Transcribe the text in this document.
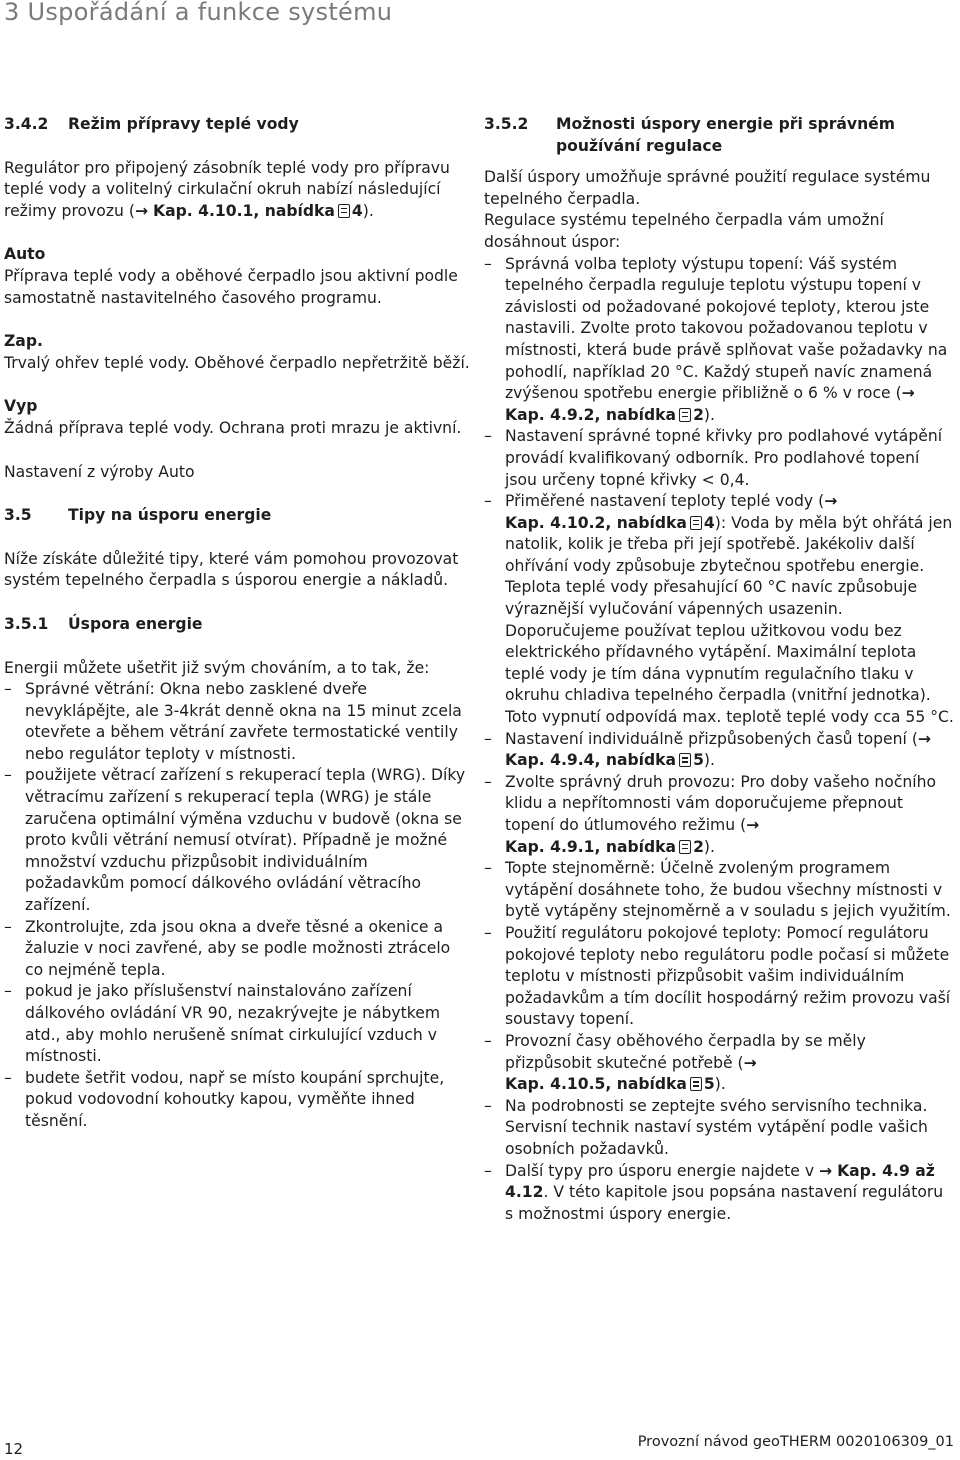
3 Uspořádání a funkce systému
3.4.2	Režim přípravy teplé vody

Regulátor pro připojený zásobník teplé vody pro přípravu teplé vody a volitelný cirkulační okruh nabízí následující režimy provozu (→ Kap. 4.10.1, nabídka 4).

Auto

Příprava teplé vody a oběhové čerpadlo jsou aktivní podle samostatně nastavitelného časového programu.

Zap.

Trvalý ohřev teplé vody. Oběhové čerpadlo nepřetržitě běží.

Vyp

Žádná příprava teplé vody. Ochrana proti mrazu je aktivní.

Nastavení z výroby Auto

3.5	Tipy na úsporu energie

Níže získáte důležité tipy, které vám pomohou provozovat systém tepelného čerpadla s úsporou energie a nákladů.

3.5.1	Úspora energie

Energii můžete ušetřit již svým chováním, a to tak, že:

– Správné větrání: Okna nebo zasklené dveře nevyklápějte, ale 3-4krát denně okna na 15 minut zcela otevřete a během větrání zavřete termostatické ventily nebo regulátor teploty v místnosti.
– použijete větrací zařízení s rekuperací tepla (WRG). Díky větracímu zařízení s rekuperací tepla (WRG) je stále zaručena optimální výměna vzduchu v budově (okna se proto kvůli větrání nemusí otvírat). Případně je možné množství vzduchu přizpůsobit individuálním požadavkům pomocí dálkového ovládání větracího zařízení.
– Zkontrolujte, zda jsou okna a dveře těsné a okenice a žaluzie v noci zavřené, aby se podle možnosti ztrácelo co nejméně tepla.
– pokud je jako příslušenství nainstalováno zařízení dálkového ovládání VR 90, nezakrývejte je nábytkem atd., aby mohlo nerušeně snímat cirkulující vzduch v místnosti.
– budete šetřit vodou, např se místo koupání sprchujte, pokud vodovodní kohoutky kapou, vyměňte ihned těsnění.
3.5.2	Možnosti úspory energie při správném používání regulace

Další úspory umožňuje správné použití regulace systému tepelného čerpadla.

Regulace systému tepelného čerpadla vám umožní dosáhnout úspor:

– Správná volba teploty výstupu topení: Váš systém tepelného čerpadla reguluje teplotu výstupu topení v závislosti od požadované pokojové teploty, kterou jste nastavili. Zvolte proto takovou požadovanou teplotu v místnosti, která bude právě splňovat vaše požadavky na pohodlí, například 20 °C. Každý stupeň navíc znamená zvýšenou spotřebu energie přibližně o 6 % v roce (→ Kap. 4.9.2, nabídka 2).
– Nastavení správné topné křivky pro podlahové vytápění provádí kvalifikovaný odborník. Pro podlahové topení jsou určeny topné křivky < 0,4.
– Přiměřené nastavení teploty teplé vody (→ Kap. 4.10.2, nabídka 4): Voda by měla být ohřátá jen natolik, kolik je třeba při její spotřebě. Jakékoliv další ohřívání vody způsobuje zbytečnou spotřebu energie. Teplota teplé vody přesahující 60 °C navíc způsobuje výraznější vylučování vápenných usazenin. Doporučujeme používat teplou užitkovou vodu bez elektrického přídavného vytápění. Maximální teplota teplé vody je tím dána vypnutím regulačního tlaku v okruhu chladiva tepelného čerpadla (vnitřní jednotka). Toto vypnutí odpovídá max. teplotě teplé vody cca 55 °C.
– Nastavení individuálně přizpůsobených časů topení (→ Kap. 4.9.4, nabídka 5).
– Zvolte správný druh provozu: Pro doby vašeho nočního klidu a nepřítomnosti vám doporučujeme přepnout topení do útlumového režimu (→ Kap. 4.9.1, nabídka 2).
– Topte stejnoměrně: Účelně zvoleným programem vytápění dosáhnete toho, že budou všechny místnosti v bytě vytápěny stejnoměrně a v souladu s jejich využitím.
– Použití regulátoru pokojové teploty: Pomocí regulátoru pokojové teploty nebo regulátoru podle počasí si můžete teplotu v místnosti přizpůsobit vašim individuálním požadavkům a tím docílit hospodárný režim provozu vaší soustavy topení.
– Provozní časy oběhového čerpadla by se měly přizpůsobit skutečné potřebě (→ Kap. 4.10.5, nabídka 5).
– Na podrobnosti se zeptejte svého servisního technika. Servisní technik nastaví systém vytápění podle vašich osobních požadavků.
– Další typy pro úsporu energie najdete v → Kap. 4.9 až 4.12. V této kapitole jsou popsána nastavení regulátoru s možnostmi úspory energie.
12	Provozní návod geoTHERM 0020106309_01
